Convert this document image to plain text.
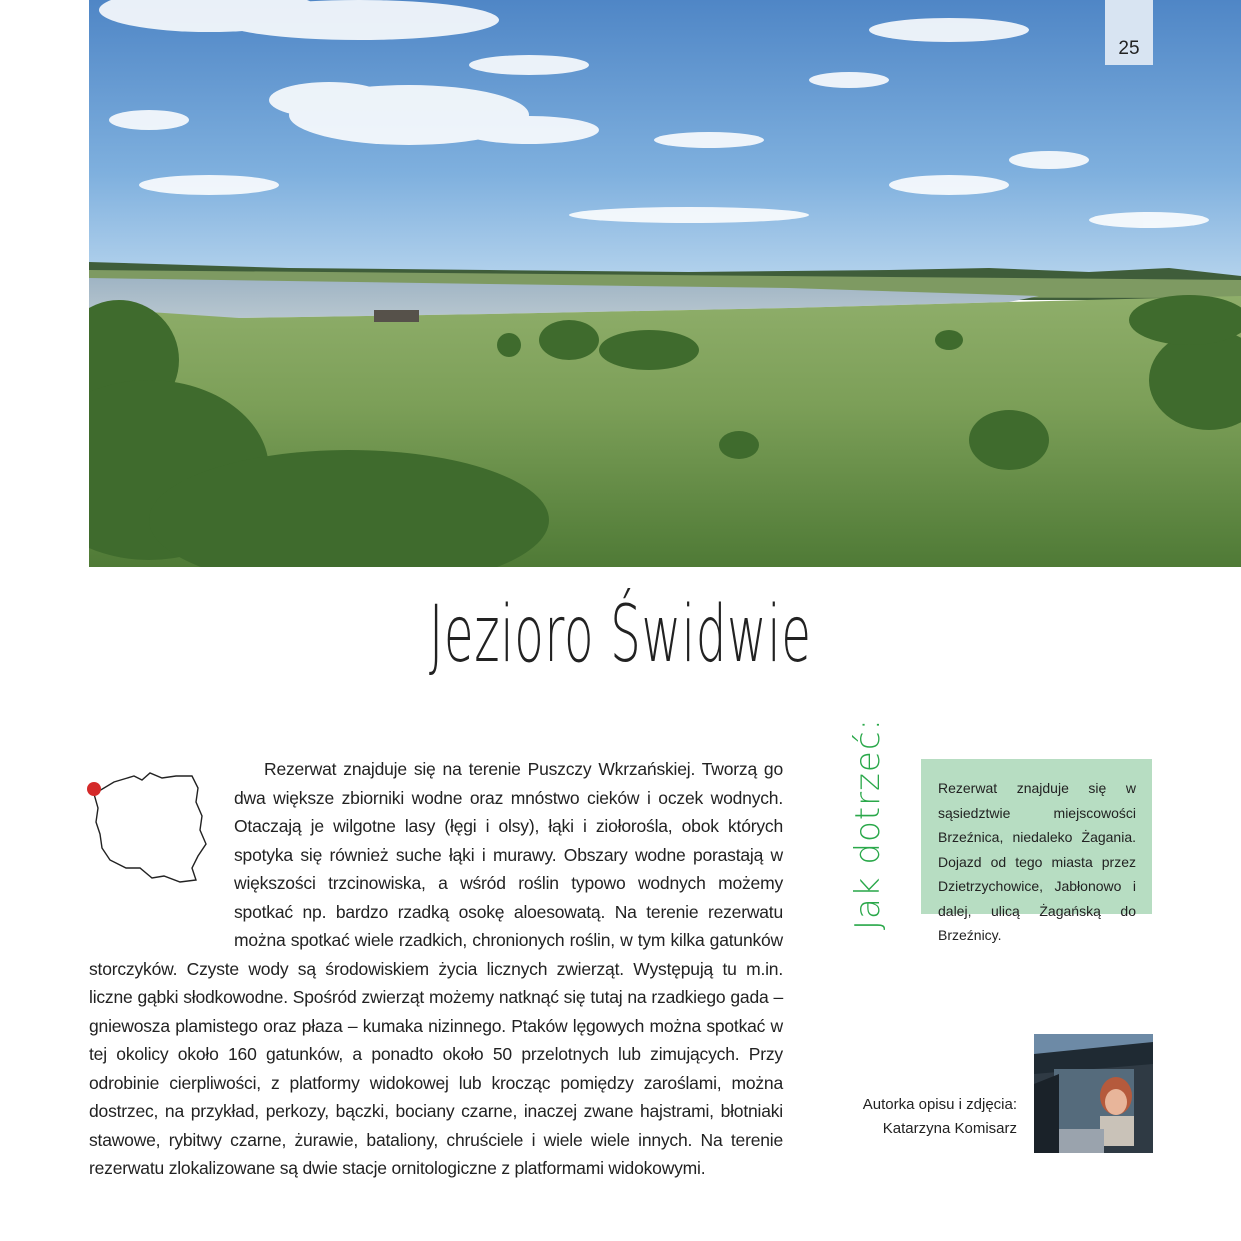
25
Jezioro Świdwie

Rezerwat znajduje się na terenie Puszczy Wkrzańskiej. Tworzą go dwa większe zbiorniki wodne oraz mnóstwo cieków i oczek wodnych. Otaczają je wilgotne lasy (łęgi i olsy), łąki i ziołorośla, obok których spotyka się również suche łąki i murawy. Obszary wodne porastają w większości trzcinowiska, a wśród roślin typowo wodnych możemy spotkać np. bardzo rzadką osokę aloesowatą. Na terenie rezerwatu można spotkać wiele rzadkich, chronionych roślin, w tym kilka gatunków storczyków. Czyste wody są środowiskiem życia licznych zwierząt. Występują tu m.in. liczne gąbki słodkowodne. Spośród zwierząt możemy natknąć się tutaj na rzadkiego gada – gniewosza plamistego oraz płaza – kumaka nizinnego. Ptaków lęgowych można spotkać w tej okolicy około 160 gatunków, a ponadto około 50 przelotnych lub zimujących. Przy odrobinie cierpliwości, z platformy widokowej lub krocząc pomiędzy zaroślami, można dostrzec, na przykład, perkozy, bączki, bociany czarne, inaczej zwane hajstrami, błotniaki stawowe, rybitwy czarne, żurawie, bataliony, chruściele i wiele wiele innych. Na terenie rezerwatu zlokalizowane są dwie stacje ornitologiczne z platformami widokowymi.

Jak dotrzeć:	Rezerwat znajduje się w sąsiedztwie miejscowości Brzeźnica, niedaleko Żagania. Dojazd od tego miasta przez Dzietrzychowice, Jabłonowo i dalej, ulicą Żagańską do Brzeźnicy.
Autorka opisu i zdjęcia:
Katarzyna Komisarz
